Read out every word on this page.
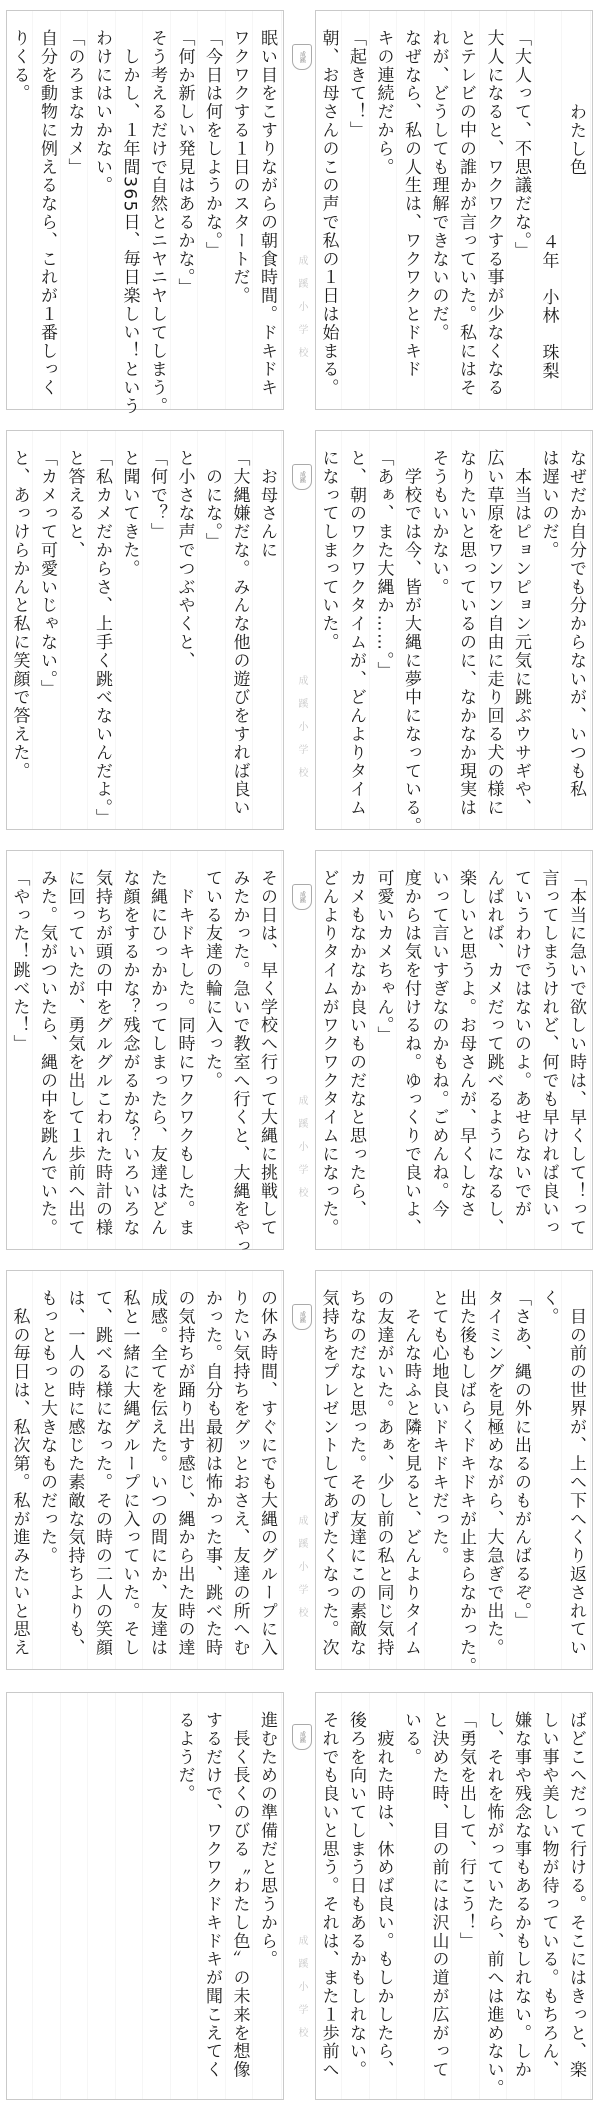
わたし色
４年　小林　珠梨
「大人って、不思議だな。」
大人になると、ワクワクする事が少なくなる
とテレビの中の誰かが言っていた。私にはそ
れが、どうしても理解できないのだ。
なぜなら、私の人生は、ワクワクとドキド
キの連続だから。
「起きて！」
朝、お母さんのこの声で私の１日は始まる。
成蹊
成蹊小学校
眠い目をこすりながらの朝食時間。ドキドキ
ワクワクする１日のスタートだ。
「今日は何をしようかな。」
「何か新しい発見はあるかな。」
そう考えるだけで自然とニヤニヤしてしまう。
　しかし、１年間365日、毎日楽しい！という
わけにはいかない。
「のろまなカメ」
自分を動物に例えるなら、これが１番しっく
りくる。
なぜだか自分でも分からないが、いつも私
は遅いのだ。
　本当はピョンピョン元気に跳ぶウサギや、
広い草原をワンワン自由に走り回る犬の様に
なりたいと思っているのに、なかなか現実は
そうもいかない。
　学校では今、皆が大縄に夢中になっている。
「あぁ、また大縄か……。」
と、朝のワクワクタイムが、どんよりタイム
になってしまっていた。
成蹊
成蹊小学校
　お母さんに
「大縄嫌だな。みんな他の遊びをすれば良い
　のにな。」
と小さな声でつぶやくと、
「何で？」
と聞いてきた。
「私カメだからさ、上手く跳べないんだよ。」
と答えると、
「カメって可愛いじゃない。」
と、あっけらかんと私に笑顔で答えた。
「本当に急いで欲しい時は、早くして！って
言ってしまうけれど、何でも早ければ良いっ
ていうわけではないのよ。あせらないでが
んばれば、カメだって跳べるようになるし、
楽しいと思うよ。お母さんが、早くしなさ
いって言いすぎなのかもね。ごめんね。今
度からは気を付けるね。ゆっくりで良いよ、
可愛いカメちゃん。」
カメもなかなか良いものだなと思ったら、
どんよりタイムがワクワクタイムになった。
成蹊
成蹊小学校
その日は、早く学校へ行って大縄に挑戦して
みたかった。急いで教室へ行くと、大縄をやっ
ている友達の輪に入った。
　ドキドキした。同時にワクワクもした。ま
た縄にひっかかってしまったら、友達はどん
な顔をするかな？残念がるかな？いろいろな
気持ちが頭の中をグルグルこわれた時計の様
に回っていたが、勇気を出して１歩前へ出て
みた。気がついたら、縄の中を跳んでいた。
「やった！跳べた！」
　目の前の世界が、上へ下へくり返されてい
く。
「さあ、縄の外に出るのもがんばるぞ。」
タイミングを見極めながら、大急ぎで出た。
出た後もしばらくドキドキが止まらなかった。
とても心地良いドキドキだった。
　そんな時ふと隣を見ると、どんよりタイム
の友達がいた。あぁ、少し前の私と同じ気持
ちなのだなと思った。その友達にこの素敵な
気持ちをプレゼントしてあげたくなった。次
成蹊
成蹊小学校
の休み時間、すぐにでも大縄のグループに入
りたい気持ちをグッとおさえ、友達の所へむ
かった。自分も最初は怖かった事、跳べた時
の気持ちが踊り出す感じ、縄から出た時の達
成感。全てを伝えた。いつの間にか、友達は
私と一緒に大縄グループに入っていた。そし
て、跳べる様になった。その時の二人の笑顔
は、一人の時に感じた素敵な気持ちよりも、
もっともっと大きなものだった。
　私の毎日は、私次第。私が進みたいと思え
ばどこへだって行ける。そこにはきっと、楽
しい事や美しい物が待っている。もちろん、
嫌な事や残念な事もあるかもしれない。しか
し、それを怖がっていたら、前へは進めない。
「勇気を出して、行こう！」
と決めた時、目の前には沢山の道が広がって
いる。
　疲れた時は、休めば良い。もしかしたら、
後ろを向いてしまう日もあるかもしれない。
それでも良いと思う。それは、また１歩前へ
成蹊
成蹊小学校
進むための準備だと思うから。
　長く長くのびる〝わたし色〟の未来を想像
するだけで、ワクワクドキドキが聞こえてく
るようだ。
